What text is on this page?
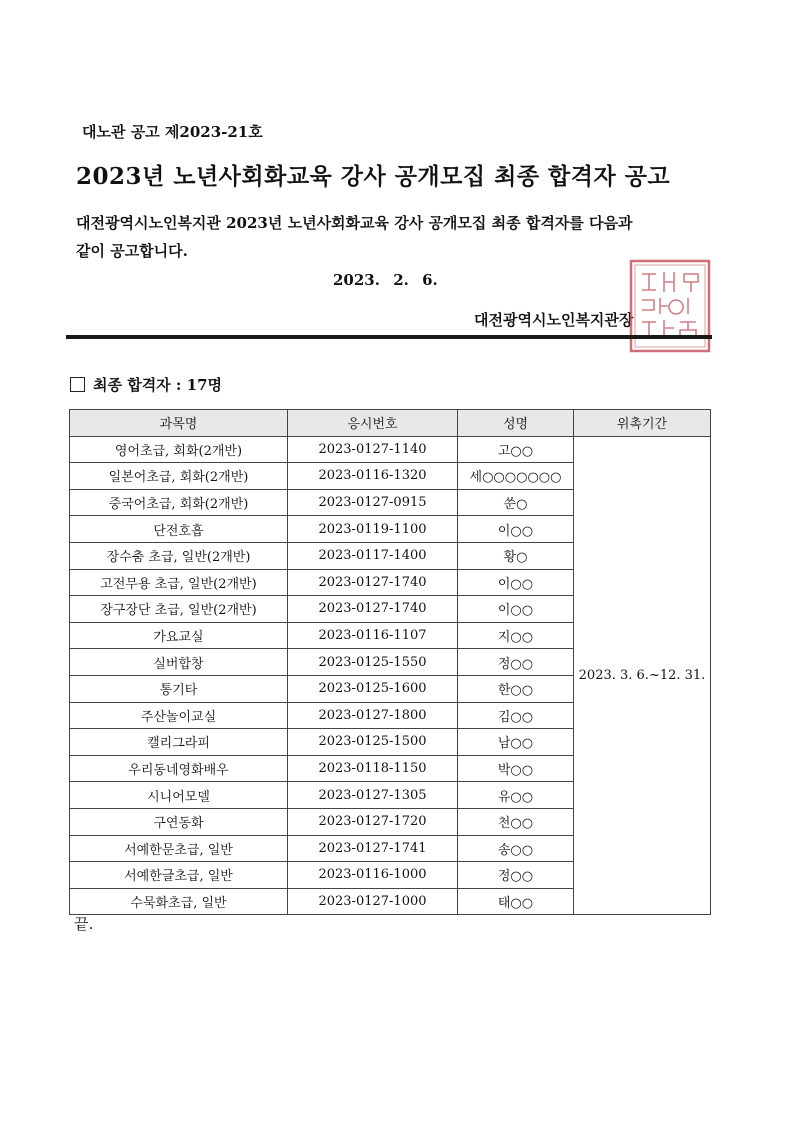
대노관 공고 제2023-21호
2023년 노년사회화교육 강사 공개모집 최종 합격자 공고
대전광역시노인복지관 2023년 노년사회화교육 강사 공개모집 최종 합격자를 다음과
같이 공고합니다.
2023. 2. 6.
대전광역시노인복지관장
최종 합격자 : 17명
과목명	응시번호	성명	위촉기간
영어초급, 회화(2개반)	2023-0127-1140	고○○	2023. 3. 6.~12. 31.
일본어초급, 회화(2개반)	2023-0116-1320	세○○○○○○○	
중국어초급, 회화(2개반)	2023-0127-0915	쑨○	
단전호흡	2023-0119-1100	이○○	
장수춤 초급, 일반(2개반)	2023-0117-1400	황○	
고전무용 초급, 일반(2개반)	2023-0127-1740	이○○	
장구장단 초급, 일반(2개반)	2023-0127-1740	이○○	
가요교실	2023-0116-1107	지○○	
실버합창	2023-0125-1550	정○○	
통기타	2023-0125-1600	한○○	
주산놀이교실	2023-0127-1800	김○○	
캘리그라피	2023-0125-1500	남○○	
우리동네영화배우	2023-0118-1150	박○○	
시니어모델	2023-0127-1305	유○○	
구연동화	2023-0127-1720	천○○	
서예한문초급, 일반	2023-0127-1741	송○○	
서예한글초급, 일반	2023-0116-1000	정○○	
수묵화초급, 일반	2023-0127-1000	태○○	
끝.
